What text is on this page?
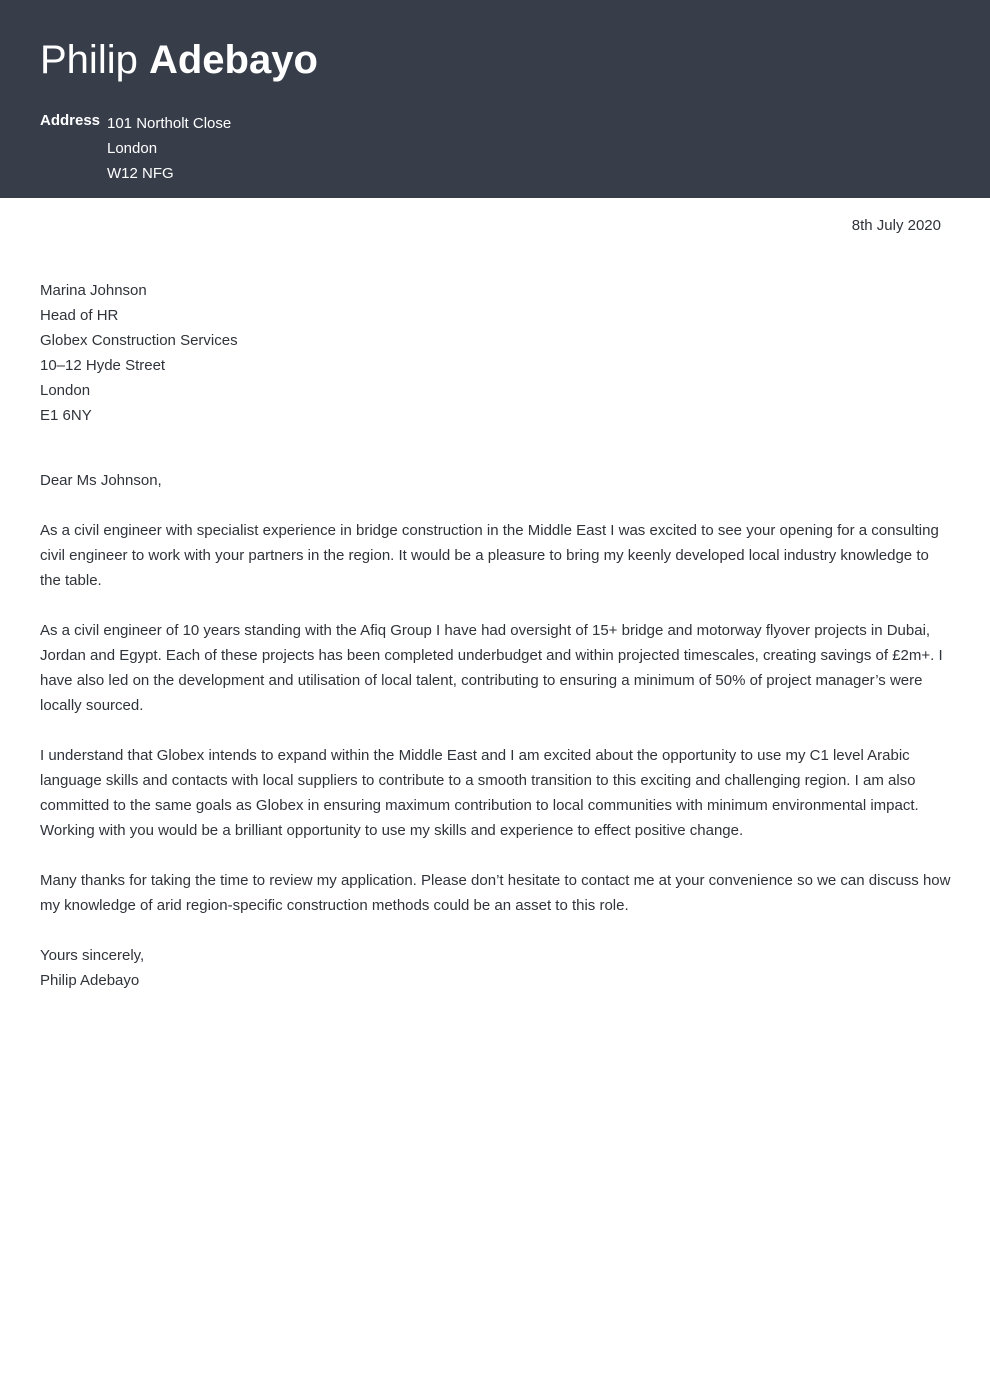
Philip Adebayo
Address 101 Northolt Close
London
W12 NFG
8th July 2020
Marina Johnson
Head of HR
Globex Construction Services
10–12 Hyde Street
London
E1 6NY

Dear Ms Johnson,

As a civil engineer with specialist experience in bridge construction in the Middle East I was excited to see your opening for a consulting civil engineer to work with your partners in the region. It would be a pleasure to bring my keenly developed local industry knowledge to the table.

As a civil engineer of 10 years standing with the Afiq Group I have had oversight of 15+ bridge and motorway flyover projects in Dubai, Jordan and Egypt. Each of these projects has been completed underbudget and within projected timescales, creating savings of £2m+. I have also led on the development and utilisation of local talent, contributing to ensuring a minimum of 50% of project manager’s were locally sourced.

I understand that Globex intends to expand within the Middle East and I am excited about the opportunity to use my C1 level Arabic language skills and contacts with local suppliers to contribute to a smooth transition to this exciting and challenging region. I am also committed to the same goals as Globex in ensuring maximum contribution to local communities with minimum environmental impact. Working with you would be a brilliant opportunity to use my skills and experience to effect positive change.

Many thanks for taking the time to review my application. Please don’t hesitate to contact me at your convenience so we can discuss how my knowledge of arid region-specific construction methods could be an asset to this role.

Yours sincerely,
Philip Adebayo
